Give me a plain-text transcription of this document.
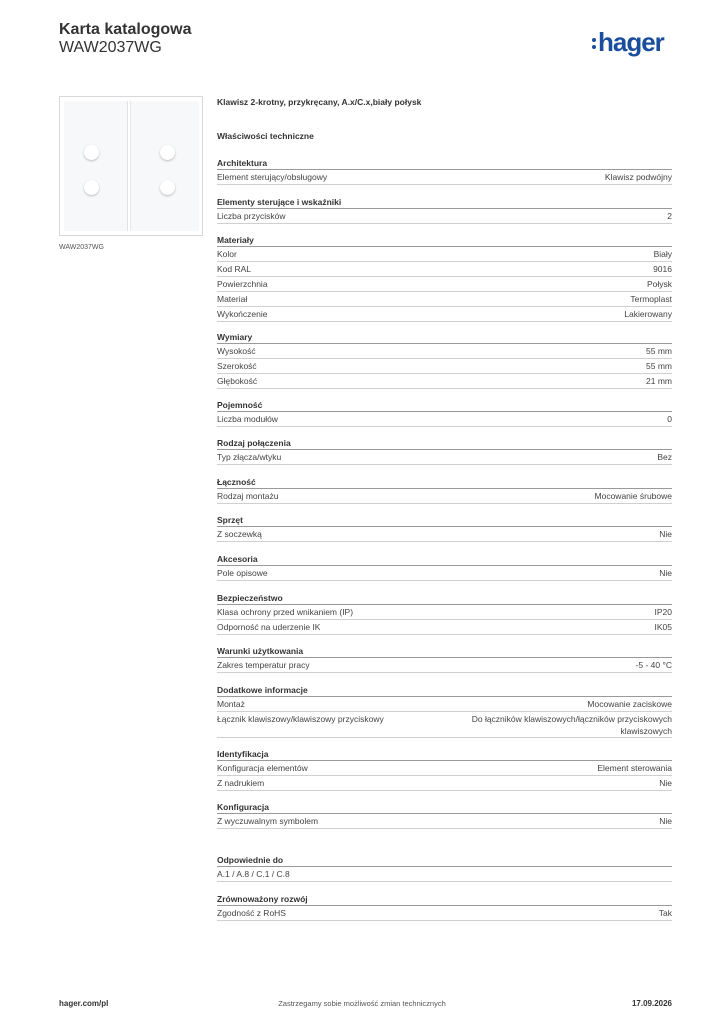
Karta katalogowa
WAW2037WG	hager
WAW2037WG
Klawisz 2-krotny, przykręcany, A.x/C.x,biały połysk
Właściwości techniczne
Architektura
Element sterujący/obsługowy	Klawisz podwójny
Elementy sterujące i wskaźniki
Liczba przycisków	2
Materiały
Kolor	Biały
Kod RAL	9016
Powierzchnia	Połysk
Materiał	Termoplast
Wykończenie	Lakierowany
Wymiary
Wysokość	55 mm
Szerokość	55 mm
Głębokość	21 mm
Pojemność
Liczba modułów	0
Rodzaj połączenia
Typ złącza/wtyku	Bez
Łączność
Rodzaj montażu	Mocowanie śrubowe
Sprzęt
Z soczewką	Nie
Akcesoria
Pole opisowe	Nie
Bezpieczeństwo
Klasa ochrony przed wnikaniem (IP)	IP20
Odporność na uderzenie IK	IK05
Warunki użytkowania
Zakres temperatur pracy	-5 - 40 °C
Dodatkowe informacje
Montaż	Mocowanie zaciskowe
Łącznik klawiszowy/klawiszowy przyciskowy	Do łączników klawiszowych/łączników przyciskowych klawiszowych
Identyfikacja
Konfiguracja elementów	Element sterowania
Z nadrukiem	Nie
Konfiguracja
Z wyczuwalnym symbolem	Nie
Odpowiednie do
A.1 / A.8 / C.1 / C.8
Zrównoważony rozwój
Zgodność z RoHS	Tak
hager.com/pl	Zastrzegamy sobie możliwość zmian technicznych	17.09.2026
